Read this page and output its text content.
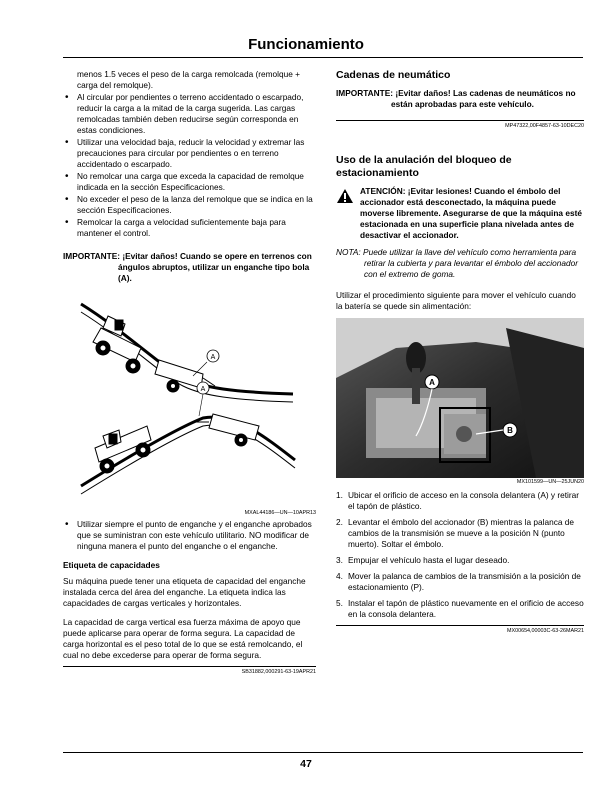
Funcionamiento

menos 1.5 veces el peso de la carga remolcada (remolque + carga del remolque).

• Al circular por pendientes o terreno accidentado o escarpado, reducir la carga a la mitad de la carga sugerida. Las cargas remolcadas también deben reducirse según corresponda en estas condiciones.
• Utilizar una velocidad baja, reducir la velocidad y extremar las precauciones para circular por pendientes o en terreno accidentado o escarpado.
• No remolcar una carga que exceda la capacidad de remolque indicada en la sección Especificaciones.
• No exceder el peso de la lanza del remolque que se indica en la sección Especificaciones.
• Remolcar la carga a velocidad suficientemente baja para mantener el control.

IMPORTANTE: ¡Evitar daños! Cuando se opere en terrenos con ángulos abruptos, utilizar un enganche tipo bola (A).

A
A

MXAL44186—UN—10APR13

• Utilizar siempre el punto de enganche y el enganche aprobados que se suministran con este vehículo utilitario. NO modificar de ninguna manera el punto del enganche o el enganche.

Etiqueta de capacidades

Su máquina puede tener una etiqueta de capacidad del enganche instalada cerca del área del enganche. La etiqueta indica las capacidades de cargas verticales y horizontales.

La capacidad de carga vertical esa fuerza máxima de apoyo que puede aplicarse para operar de forma segura. La capacidad de carga horizontal es el peso total de lo que se está remolcando, el cual no debe excederse para operar de forma segura.

SB31882,000291-63-19APR21

Cadenas de neumático

IMPORTANTE: ¡Evitar daños! Las cadenas de neumáticos no están aprobadas para este vehículo.

MP47322,00F4857-63-10DEC20

Uso de la anulación del bloqueo de estacionamiento

ATENCIÓN: ¡Evitar lesiones! Cuando el émbolo del accionador está desconectado, la máquina puede moverse libremente. Asegurarse de que la máquina esté estacionada en una superficie plana nivelada antes de desactivar el accionador.

NOTA: Puede utilizar la llave del vehículo como herramienta para retirar la cubierta y para levantar el émbolo del accionador con el extremo de goma.

Utilizar el procedimiento siguiente para mover el vehículo cuando la batería se quede sin alimentación:

A
B

MX101599—UN—25JUN20

1. Ubicar el orificio de acceso en la consola delantera (A) y retirar el tapón de plástico.
2. Levantar el émbolo del accionador (B) mientras la palanca de cambios de la transmisión se mueve a la posición N (punto muerto). Soltar el émbolo.
3. Empujar el vehículo hasta el lugar deseado.
4. Mover la palanca de cambios de la transmisión a la posición de estacionamiento (P).
5. Instalar el tapón de plástico nuevamente en el orificio de acceso en la consola delantera.

MX00654,00003C-63-26MAR21

47
